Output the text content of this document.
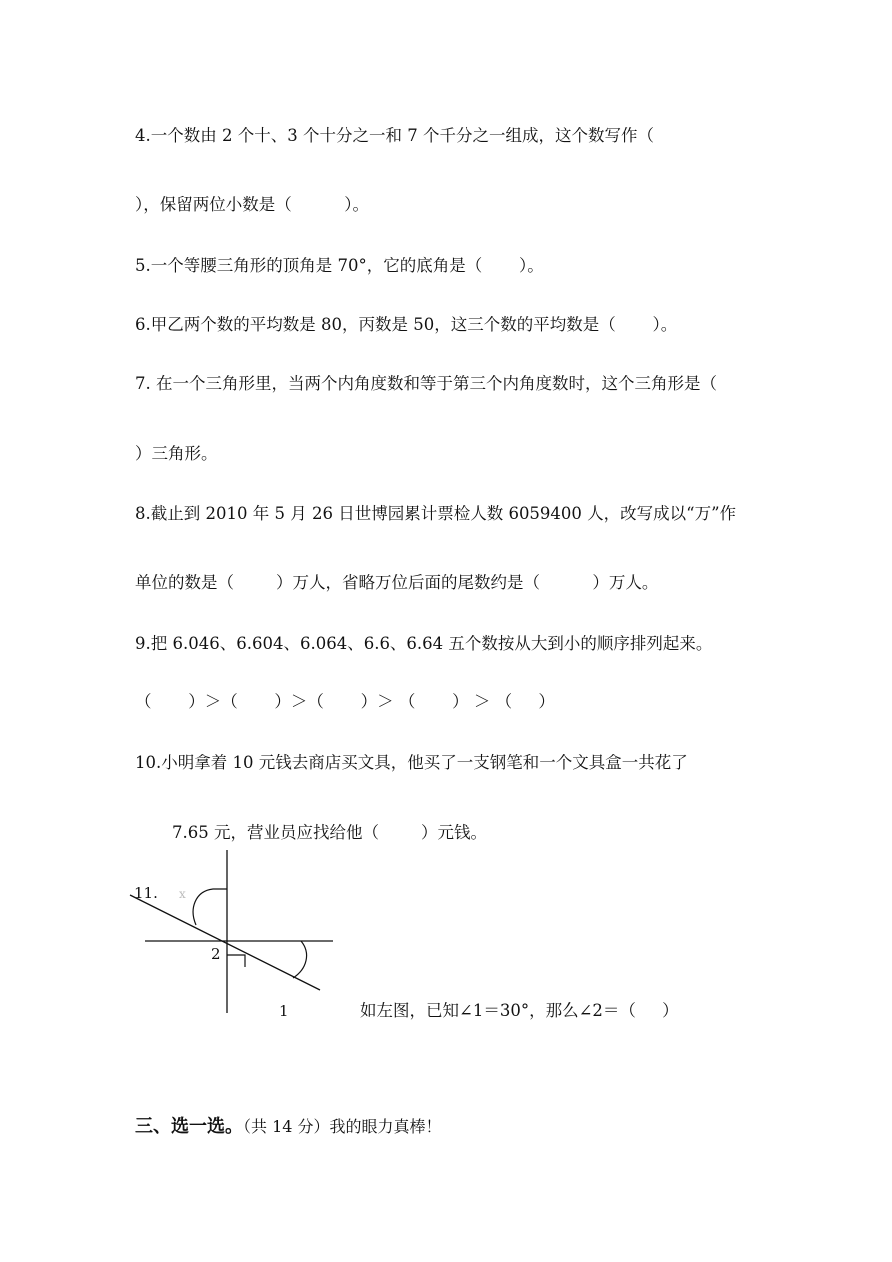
4.一个数由 2 个十、3 个十分之一和 7 个千分之一组成，这个数写作（
），保留两位小数是（          ）。
5.一个等腰三角形的顶角是 70°，它的底角是（       ）。
6.甲乙两个数的平均数是 80，丙数是 50，这三个数的平均数是（       ）。
7. 在一个三角形里，当两个内角度数和等于第三个内角度数时，这个三角形是（
）三角形。
8.截止到 2010 年 5 月 26 日世博园累计票检人数 6059400 人，改写成以“万”作
单位的数是（        ）万人，省略万位后面的尾数约是（          ）万人。
9.把 6.046、6.604、6.064、6.6、6.64 五个数按从大到小的顺序排列起来。
（       ）＞（       ）＞（       ）＞ （       ） ＞ （     ）
10.小明拿着 10 元钱去商店买文具，他买了一支钢笔和一个文具盒一共花了
7.65 元，营业员应找给他（        ）元钱。
11. x
2
1	如左图，已知∠1＝30°，那么∠2＝（     ）
三、选一选。（共 14 分）我的眼力真棒！
